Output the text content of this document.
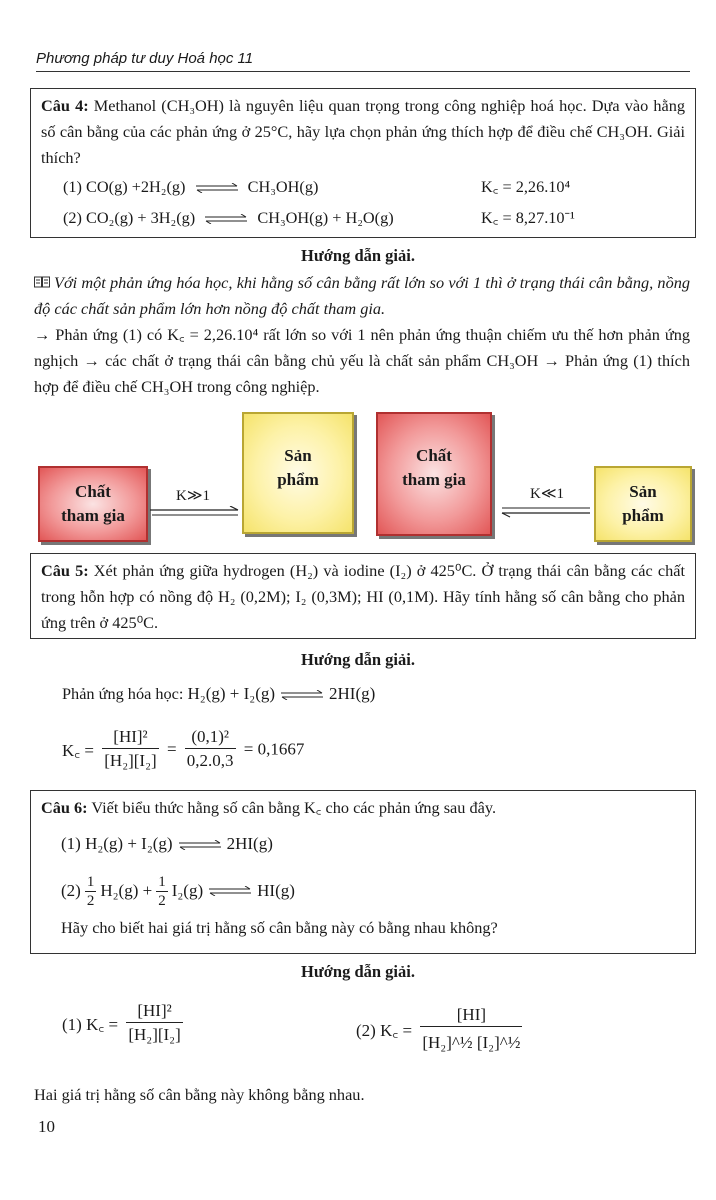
Phương pháp tư duy Hoá học 11
Câu 4: Methanol (CH₃OH) là nguyên liệu quan trọng trong công nghiệp hoá học. Dựa vào hằng số cân bằng của các phản ứng ở 25°C, hãy lựa chọn phản ứng thích hợp để điều chế CH₃OH. Giải thích?
(1) CO(g) +2H₂(g) ⇌ CH₃OH(g)	K꜀ = 2,26.10⁴
(2) CO₂(g) + 3H₂(g) ⇌ CH₃OH(g) + H₂O(g)	K꜀ = 8,27.10⁻¹
Hướng dẫn giải.
Với một phản ứng hóa học, khi hằng số cân bằng rất lớn so với 1 thì ở trạng thái cân bằng, nồng độ các chất sản phẩm lớn hơn nồng độ chất tham gia.
→ Phản ứng (1) có K꜀ = 2,26.10⁴ rất lớn so với 1 nên phản ứng thuận chiếm ưu thế hơn phản ứng nghịch → các chất ở trạng thái cân bằng chủ yếu là chất sản phẩm CH₃OH → Phản ứng (1) thích hợp để điều chế CH₃OH trong công nghiệp.
Chất
tham gia
K≫1
Sản
phẩm
Chất
tham gia
K≪1	Sản
phẩm
Câu 5: Xét phản ứng giữa hydrogen (H₂) và iodine (I₂) ở 425⁰C. Ở trạng thái cân bằng các chất trong hỗn hợp có nồng độ H₂ (0,2M); I₂ (0,3M); HI (0,1M). Hãy tính hằng số cân bằng cho phản ứng trên ở 425⁰C.
Hướng dẫn giải.
Phản ứng hóa học: H₂(g) + I₂(g) ⇌ 2HI(g)
K꜀ = $\frac{\text{[HI]²}}{\text{[H₂][I₂]}} = \frac{\text{(0,1)²}}{0,2.0,3} = 0,1667$
Câu 6: Viết biểu thức hằng số cân bằng K꜀ cho các phản ứng sau đây.
(1) H₂(g) + I₂(g) ⇌ 2HI(g)
$(2) \frac{1}{2} H_2(g) + \frac{1}{2} I_2(g)$ ⇌ HI(g)
Hãy cho biết hai giá trị hằng số cân bằng này có bằng nhau không?
Hướng dẫn giải.
(1) K꜀ = $\frac{\text{[HI]²}}{\text{[H₂][I₂]}}$	(2) K꜀ = $\frac{[HI]}{\text{[H₂]\textasciicircum{}½ [I₂]\textasciicircum{}½}}$
Hai giá trị hằng số cân bằng này không bằng nhau.
10
